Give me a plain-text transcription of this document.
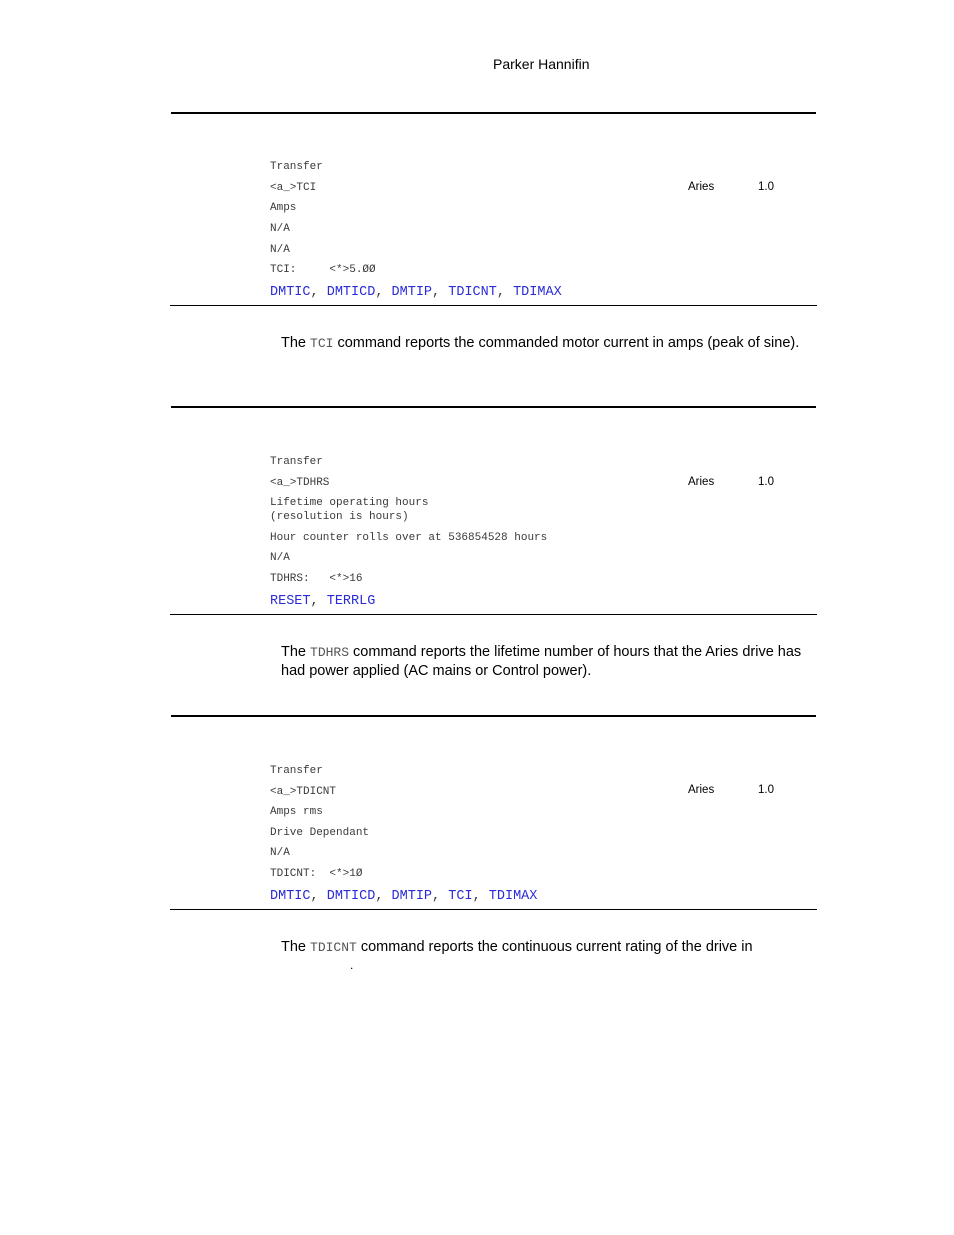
Parker Hannifin
Transfer
<a_>TCI	Aries	1.0
Amps
N/A
N/A
TCI:     <*>5.ØØ
DMTIC, DMTICD, DMTIP, TDICNT, TDIMAX
The TCI command reports the commanded motor current in amps (peak of sine).
Transfer
<a_>TDHRS	Aries	1.0
Lifetime operating hours
(resolution is hours)
Hour counter rolls over at 536854528 hours
N/A
TDHRS:   <*>16
RESET, TERRLG
The TDHRS command reports the lifetime number of hours that the Aries drive has had power applied (AC mains or Control power).
Transfer
<a_>TDICNT	Aries	1.0
Amps rms
Drive Dependant
N/A
TDICNT:  <*>1Ø
DMTIC, DMTICD, DMTIP, TCI, TDIMAX
The TDICNT command reports the continuous current rating of the drive in
.
